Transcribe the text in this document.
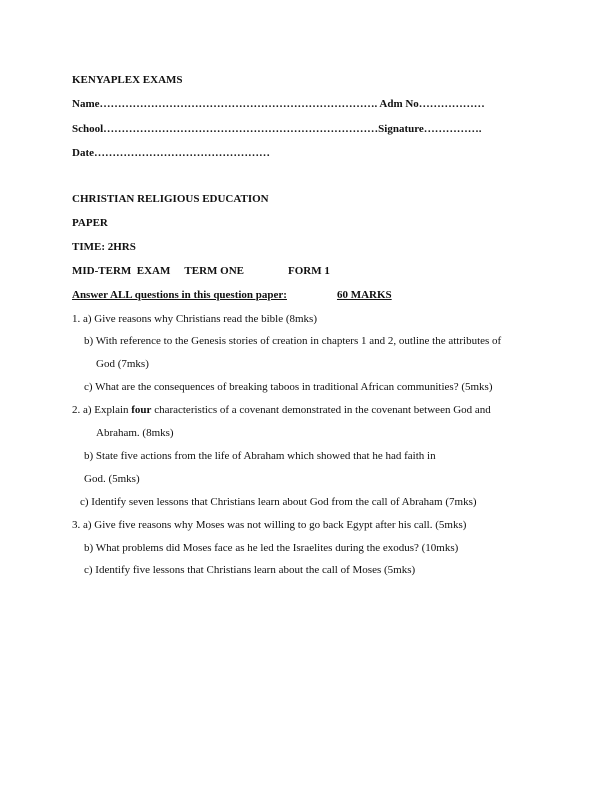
KENYAPLEX EXAMS
Name…………………………………………………………………. Adm No………………
School…………………………………………………………………Signature…………….
Date…………………………………………
CHRISTIAN RELIGIOUS EDUCATION
PAPER
TIME: 2HRS
MID-TERM  EXAM TERM ONE	FORM 1
Answer ALL questions in this question paper:	60 MARKS
1. a) Give reasons why Christians read the bible (8mks)
b) With reference to the Genesis stories of creation in chapters 1 and 2, outline the attributes of
God (7mks)
c) What are the consequences of breaking taboos in traditional African communities? (5mks)
2. a) Explain four characteristics of a covenant demonstrated in the covenant between God and
Abraham. (8mks)
b) State five actions from the life of Abraham which showed that he had faith in
God. (5mks)
c) Identify seven lessons that Christians learn about God from the call of Abraham (7mks)
3. a) Give five reasons why Moses was not willing to go back Egypt after his call. (5mks)
b) What problems did Moses face as he led the Israelites during the exodus? (10mks)
c) Identify five lessons that Christians learn about the call of Moses (5mks)
